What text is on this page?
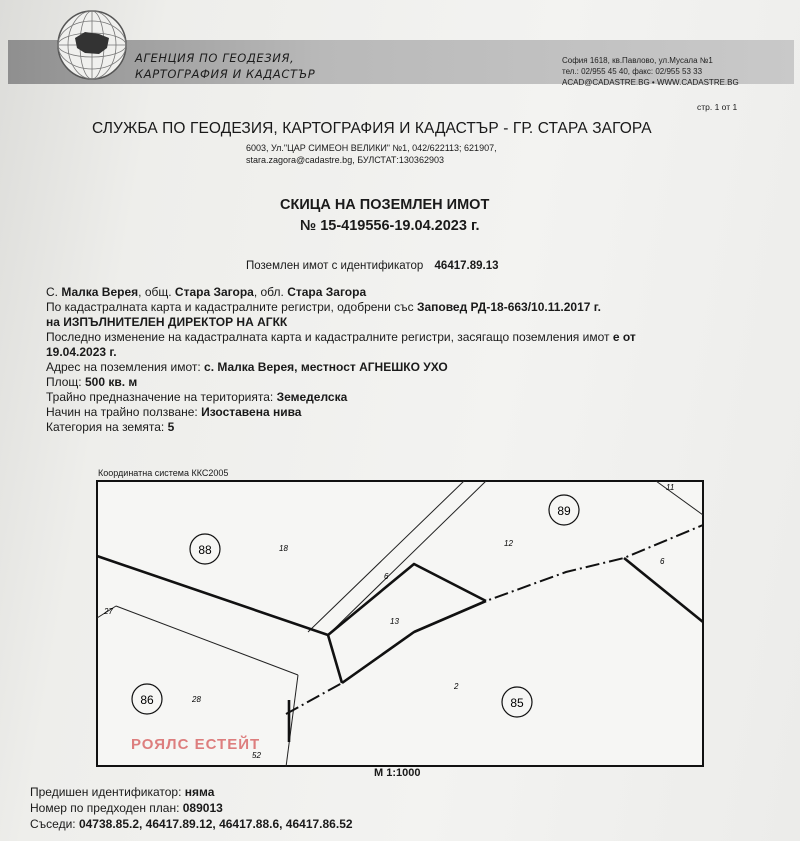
АГЕНЦИЯ ПО ГЕОДЕЗИЯ,
КАРТОГРАФИЯ И КАДАСТЪР
София 1618, кв.Павлово, ул.Мусала №1
тел.: 02/955 45 40, факс: 02/955 53 33
ACAD@CADASTRE.BG • WWW.CADASTRE.BG
стр. 1 от 1
СЛУЖБА ПО ГЕОДЕЗИЯ, КАРТОГРАФИЯ И КАДАСТЪР - ГР. СТАРА ЗАГОРА
6003, Ул."ЦАР СИМЕОН ВЕЛИКИ" №1, 042/622113; 621907,
stara.zagora@cadastre.bg, БУЛСТАТ:130362903
СКИЦА НА ПОЗЕМЛЕН ИМОТ
№ 15-419556-19.04.2023 г.
Поземлен имот с идентификатор 46417.89.13
С. Малка Верея, общ. Стара Загора, обл. Стара Загора
По кадастралната карта и кадастралните регистри, одобрени със Заповед РД-18-663/10.11.2017 г.
на ИЗПЪЛНИТЕЛЕН ДИРЕКТОР НА АГКК
Последно изменение на кадастралната карта и кадастралните регистри, засягащо поземления имот е от
19.04.2023 г.
Адрес на поземления имот: с. Малка Верея, местност АГНЕШКО УХО
Площ: 500 кв. м
Трайно предназначение на територията: Земеделска
Начин на трайно ползване: Изоставена нива
Категория на земята: 5
Координатна система ККС2005
88
89
86	85
18
12
6
6
13
11
27
28
2
52
РОЯЛС ЕСТЕЙТ
М 1:1000
Предишен идентификатор: няма
Номер по предходен план: 089013
Съседи: 04738.85.2, 46417.89.12, 46417.88.6, 46417.86.52
